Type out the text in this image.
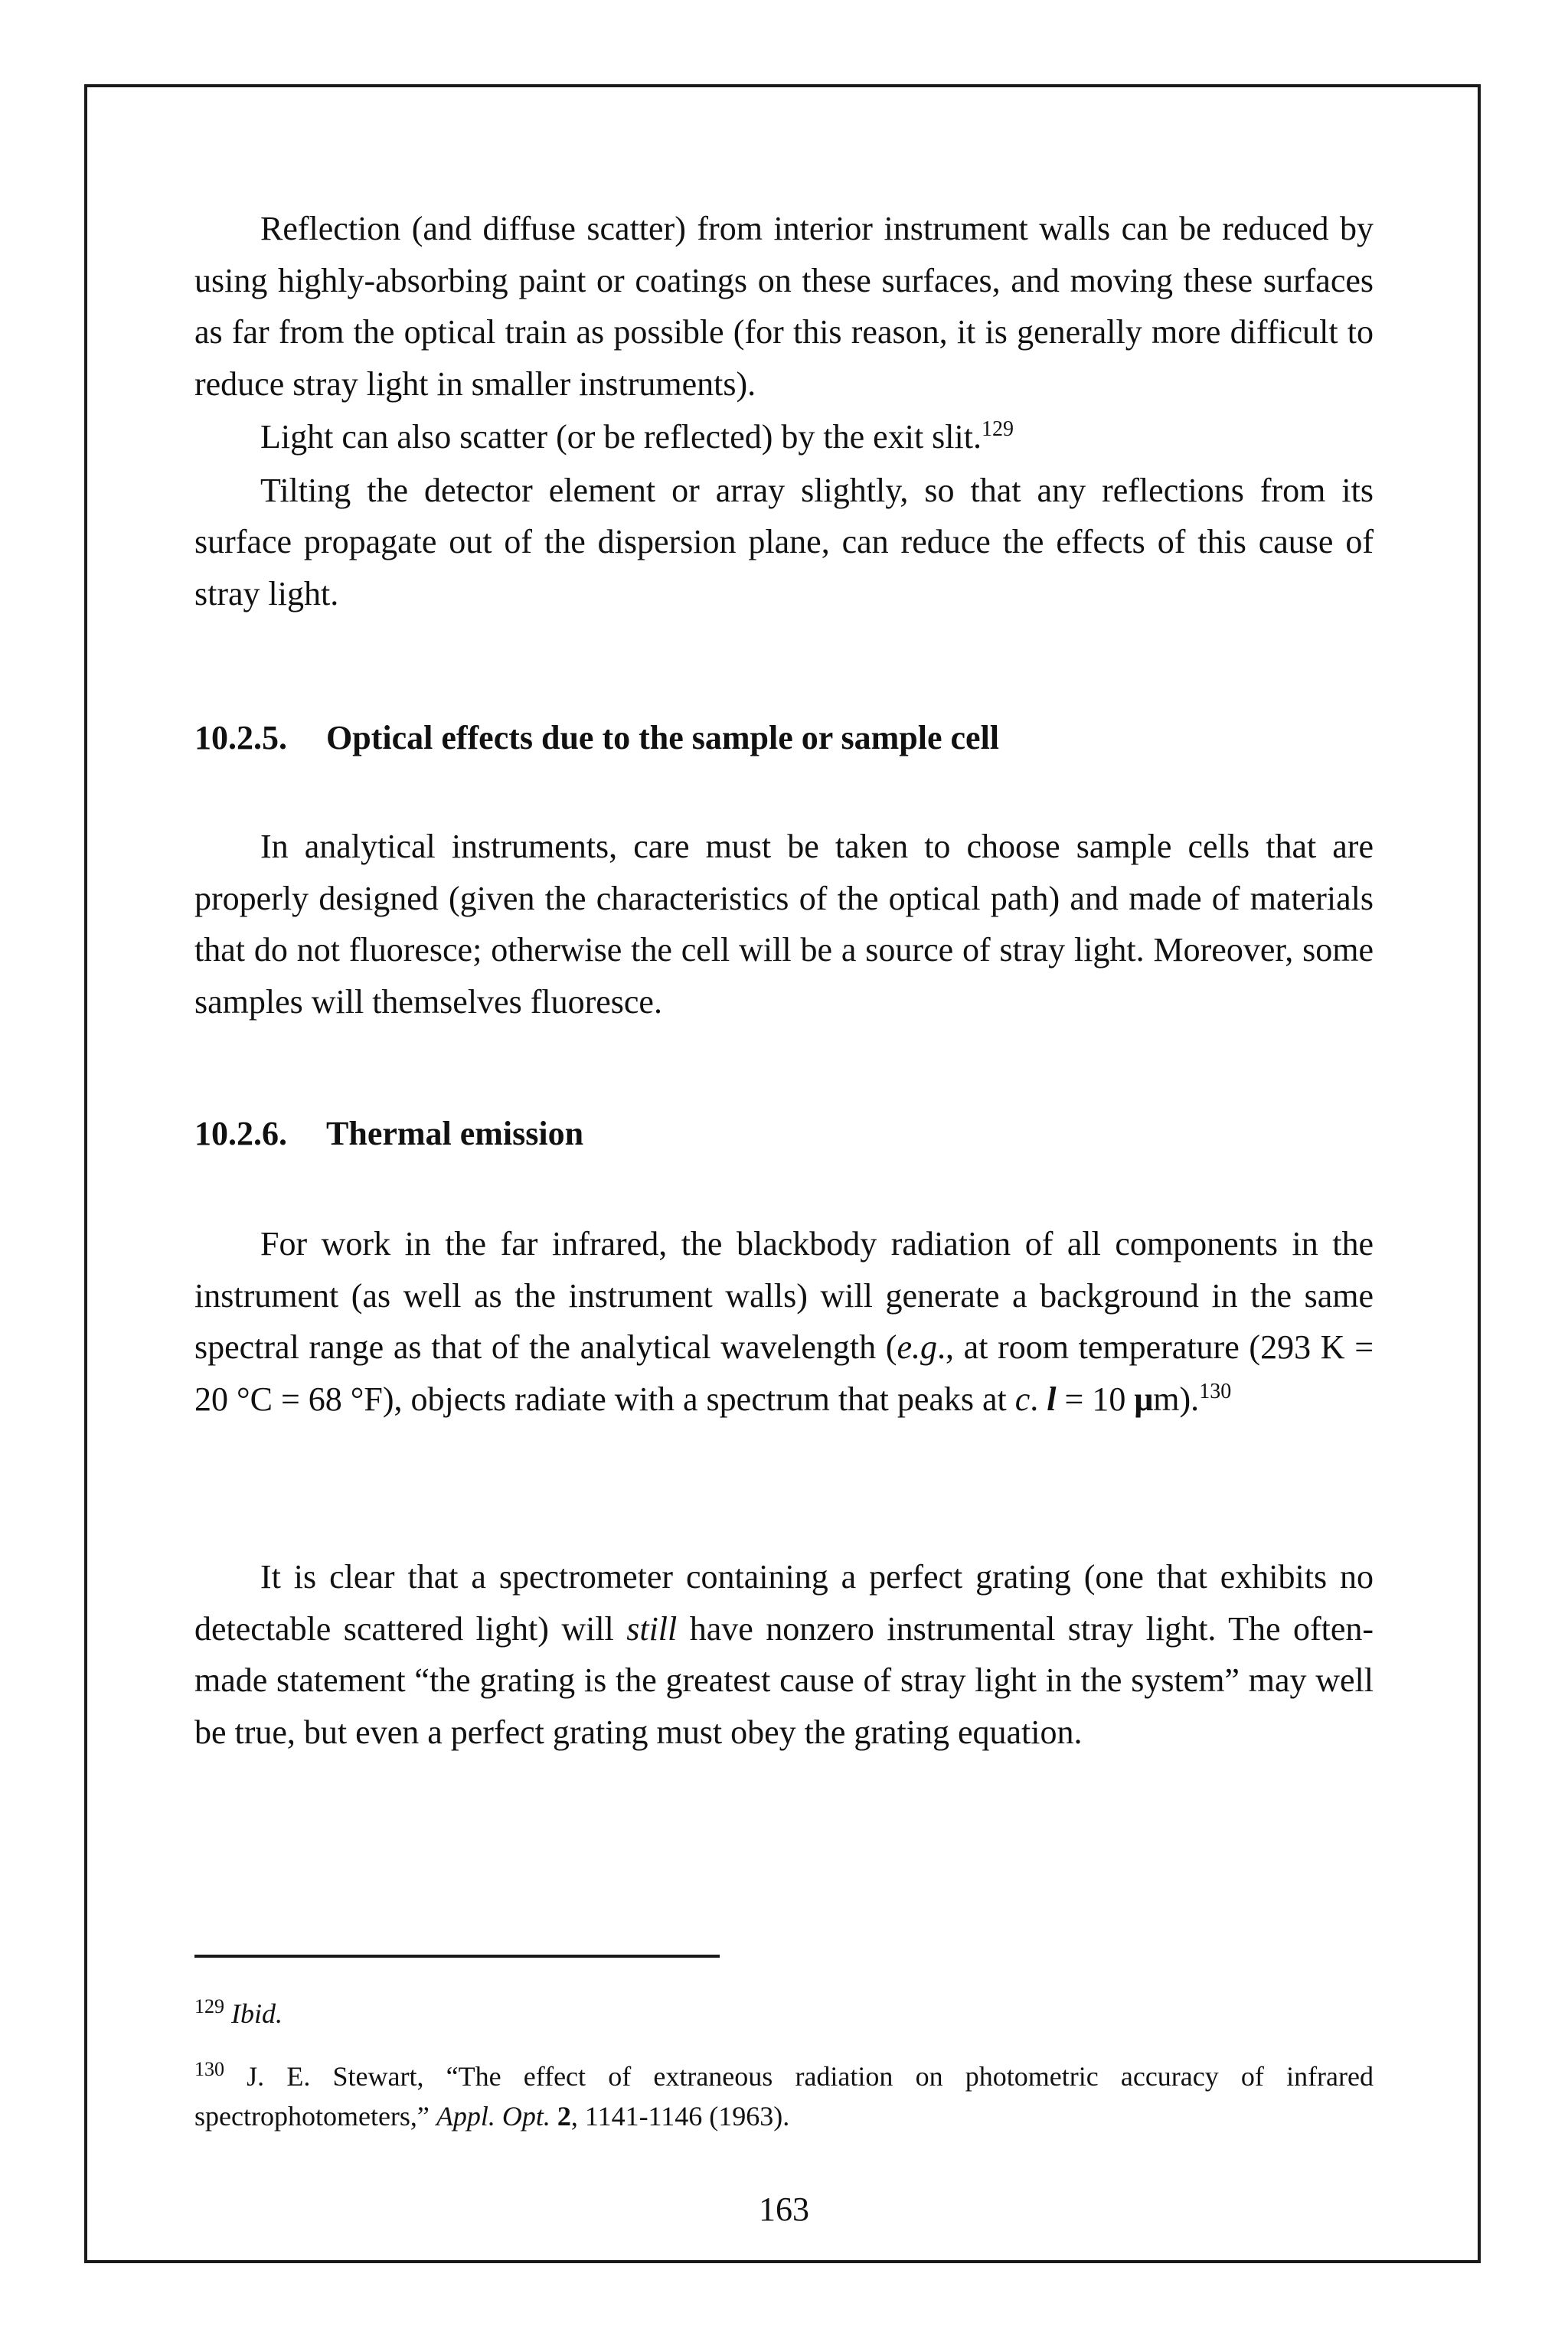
Reflection (and diffuse scatter) from interior instrument walls can be reduced by using highly-absorbing paint or coatings on these surfaces, and moving these surfaces as far from the optical train as possible (for this reason, it is generally more difficult to reduce stray light in smaller instruments).

Light can also scatter (or be reflected) by the exit slit.$^{129}$

Tilting the detector element or array slightly, so that any reflections from its surface propagate out of the dispersion plane, can reduce the effects of this cause of stray light.

10.2.5. Optical effects due to the sample or sample cell

In analytical instruments, care must be taken to choose sample cells that are properly designed (given the characteristics of the optical path) and made of materials that do not fluoresce; otherwise the cell will be a source of stray light. Moreover, some samples will themselves fluoresce.

10.2.6. Thermal emission

For work in the far infrared, the blackbody radiation of all components in the instrument (as well as the instrument walls) will generate a background in the same spectral range as that of the analytical wavelength (e.g., at room temperature (293 K = 20 °C = 68 °F), objects radiate with a spectrum that peaks at c. l = 10 μm).$^{130}$

It is clear that a spectrometer containing a perfect grating (one that exhibits no detectable scattered light) will still have nonzero instrumental stray light. The often-made statement “the grating is the greatest cause of stray light in the system” may well be true, but even a perfect grating must obey the grating equation.

$^{129}$ Ibid.
$^{130}$ J. E. Stewart, “The effect of extraneous radiation on photometric accuracy of infrared spectrophotometers,” Appl. Opt. 2, 1141-1146 (1963).
163
